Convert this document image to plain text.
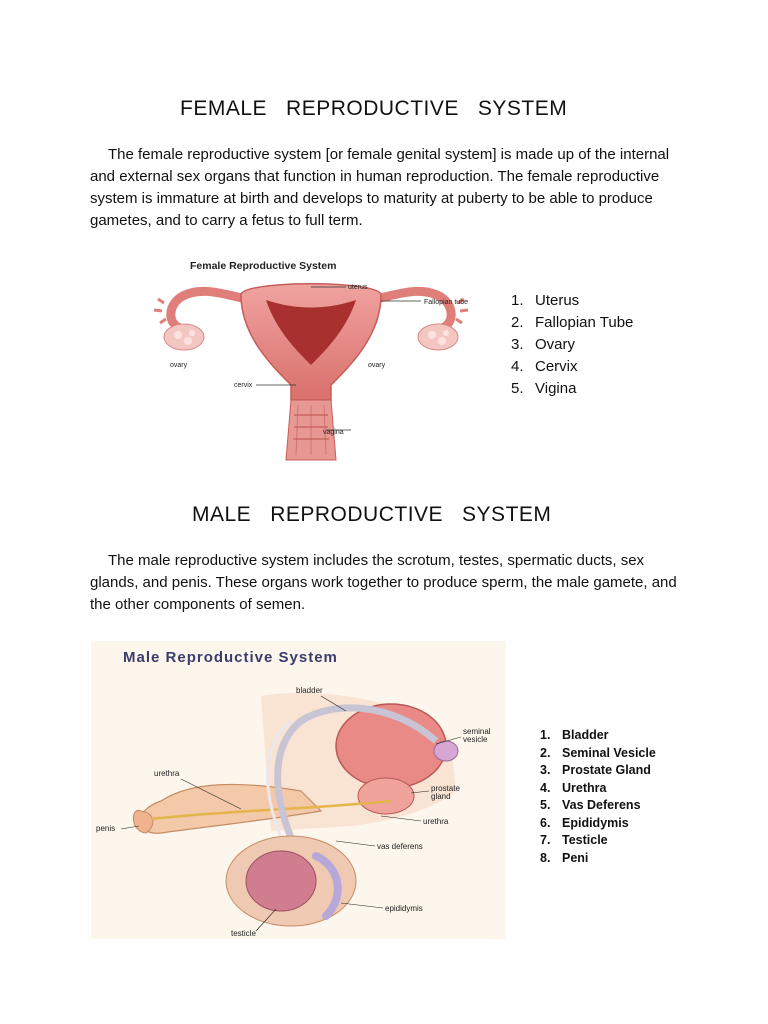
FEMALE   REPRODUCTIVE   SYSTEM
The female reproductive system [or female genital system] is made up of the internal and external sex organs that function in human reproduction. The female reproductive system is immature at birth and develops to maturity at puberty to be able to produce gametes, and to carry a fetus to full term.
Female Reproductive System
uterus
Fallopian tube
ovary	ovary
cervix
vagina
1. Uterus
2. Fallopian Tube
3. Ovary
4. Cervix
5. Vigina
MALE   REPRODUCTIVE   SYSTEM
The male reproductive system includes the scrotum, testes, spermatic ducts, sex glands, and penis. These organs work together to produce sperm, the male gamete, and the other components of semen.
Male Reproductive System
bladder
seminal
vesicle
urethra
prostate
gland
urethra
penis
vas deferens
epididymis
testicle
1. Bladder
2. Seminal Vesicle
3. Prostate Gland
4. Urethra
5. Vas Deferens
6. Epididymis
7. Testicle
8. Peni
